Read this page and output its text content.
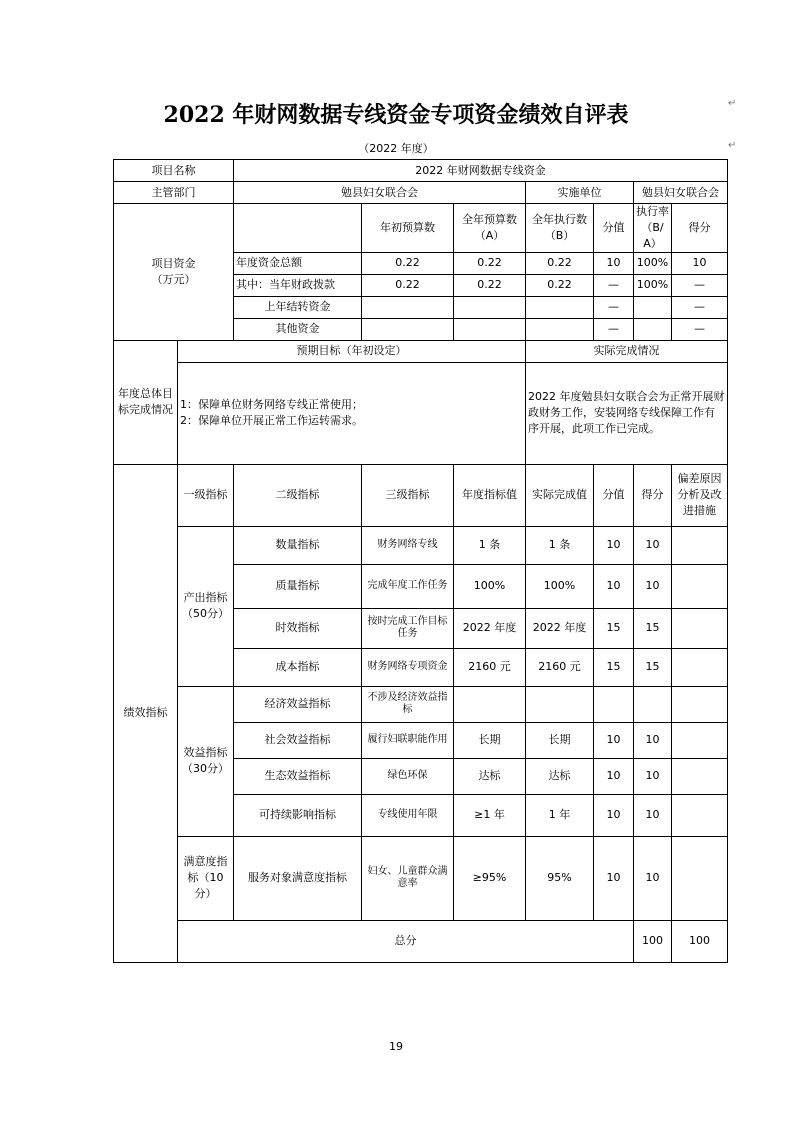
2022 年财网数据专线资金专项资金绩效自评表
（2022 年度）
↵
↵
项目名称		2022 年财网数据专线资金							
主管部门		勉县妇女联合会			实施单位		勉县妇女联合会		

项目资金
（万元）			年初预算数	全年预算数（A）	全年执行数（B）	分值	执行率（B/A）	得分	
		年度资金总额	0.22	0.22	0.22	10	100%	10	
		其中：当年财政拨款	0.22	0.22	0.22	—	100%	—	
		上年结转资金				—		—	
		其他资金				—		—	
年度总体目标完成情况	预期目标（年初设定）				实际完成情况				

	1：保障单位财务网络专线正常使用；
2：保障单位开展正常工作运转需求。				2022 年度勉县妇女联合会为正常开展财政财务工作，安装网络专线保障工作有序开展，此项工作已完成。				
绩效指标	一级指标	二级指标	三级指标	年度指标值	实际完成值	分值	得分	偏差原因分析及改进措施	
	产出指标（50分）	数量指标	财务网络专线	1 条	1 条	10	10		
		质量指标	完成年度工作任务	100%	100%	10	10		
		时效指标	按时完成工作目标任务	2022 年度	2022 年度	15	15		
		成本指标	财务网络专项资金	2160 元	2160 元	15	15		
	效益指标（30分）	经济效益指标	不涉及经济效益指标						
		社会效益指标	履行妇联职能作用	长期	长期	10	10		
		生态效益指标	绿色环保	达标	达标	10	10		
		可持续影响指标	专线使用年限	≥1 年	1 年	10	10		
	满意度指标（10分）	服务对象满意度指标	妇女、儿童群众满意率	≥95%	95%	10	10		
	总分						100	100	
19
